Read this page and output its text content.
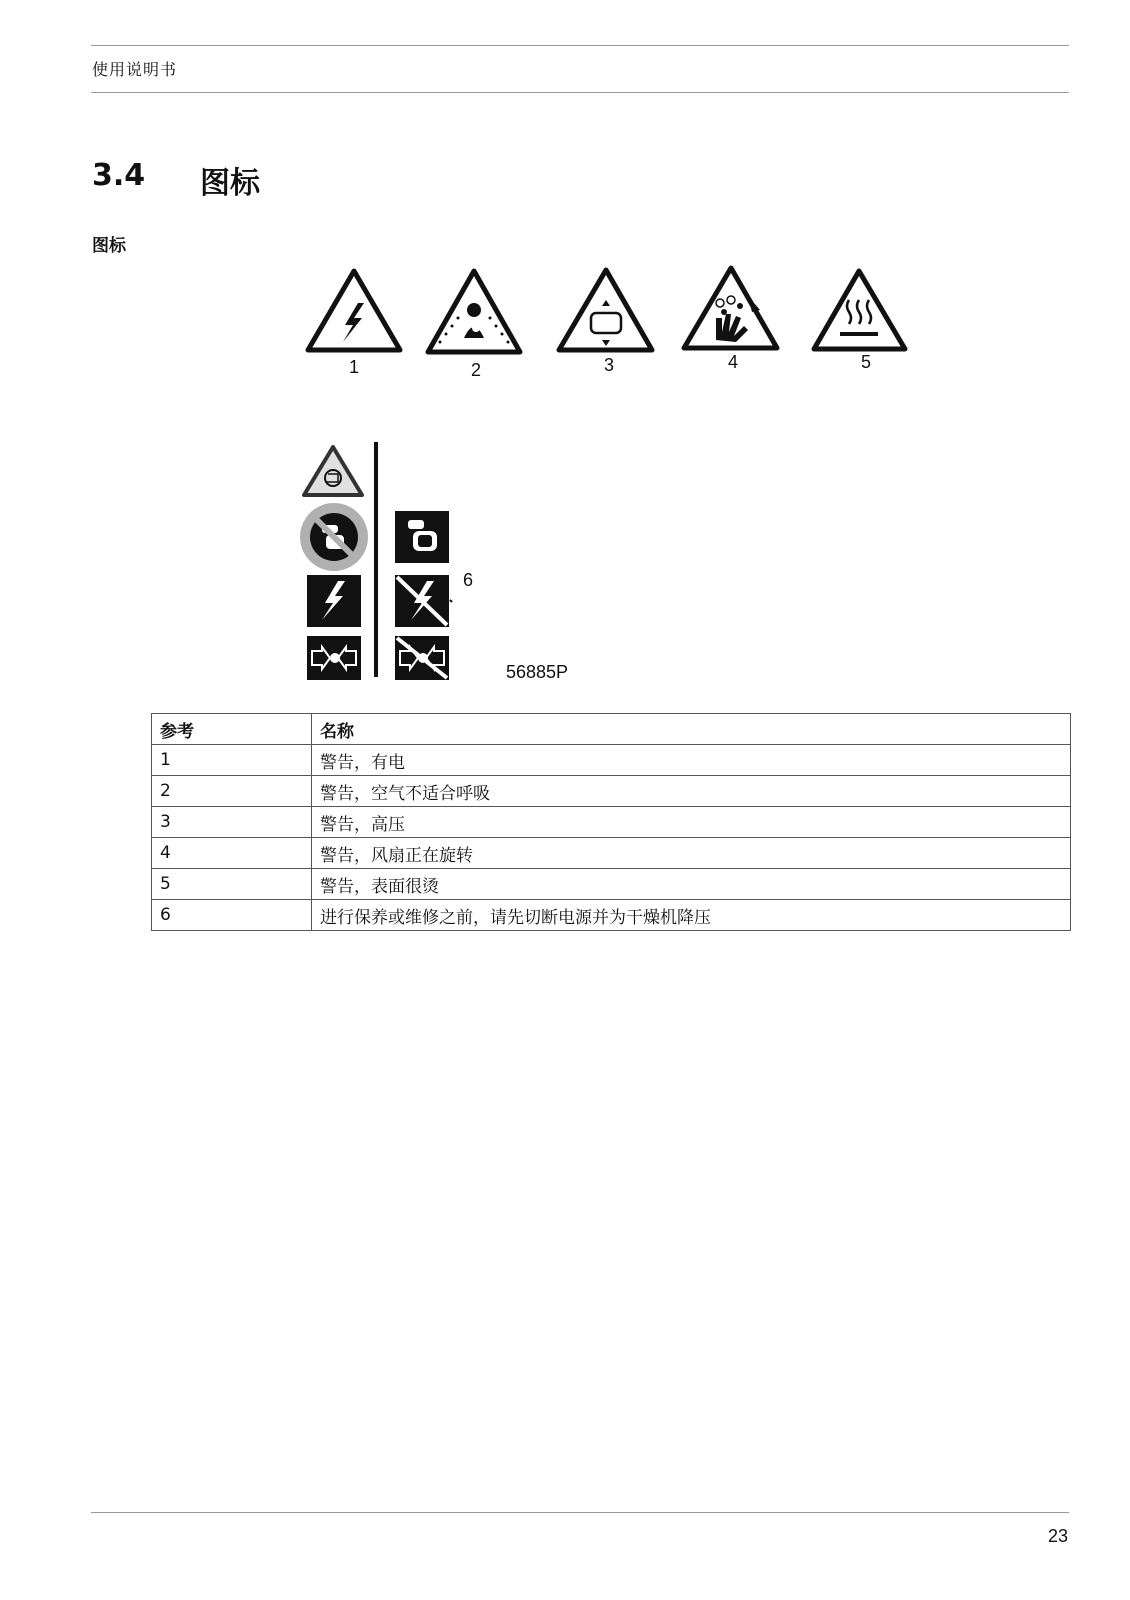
使用说明书
3.4 图标
图标
1	2	3	4	5
6
56885P
参考	名称
1	警告，有电
2	警告，空气不适合呼吸
3	警告，高压
4	警告，风扇正在旋转
5	警告，表面很烫
6	进行保养或维修之前，请先切断电源并为干燥机降压
23
